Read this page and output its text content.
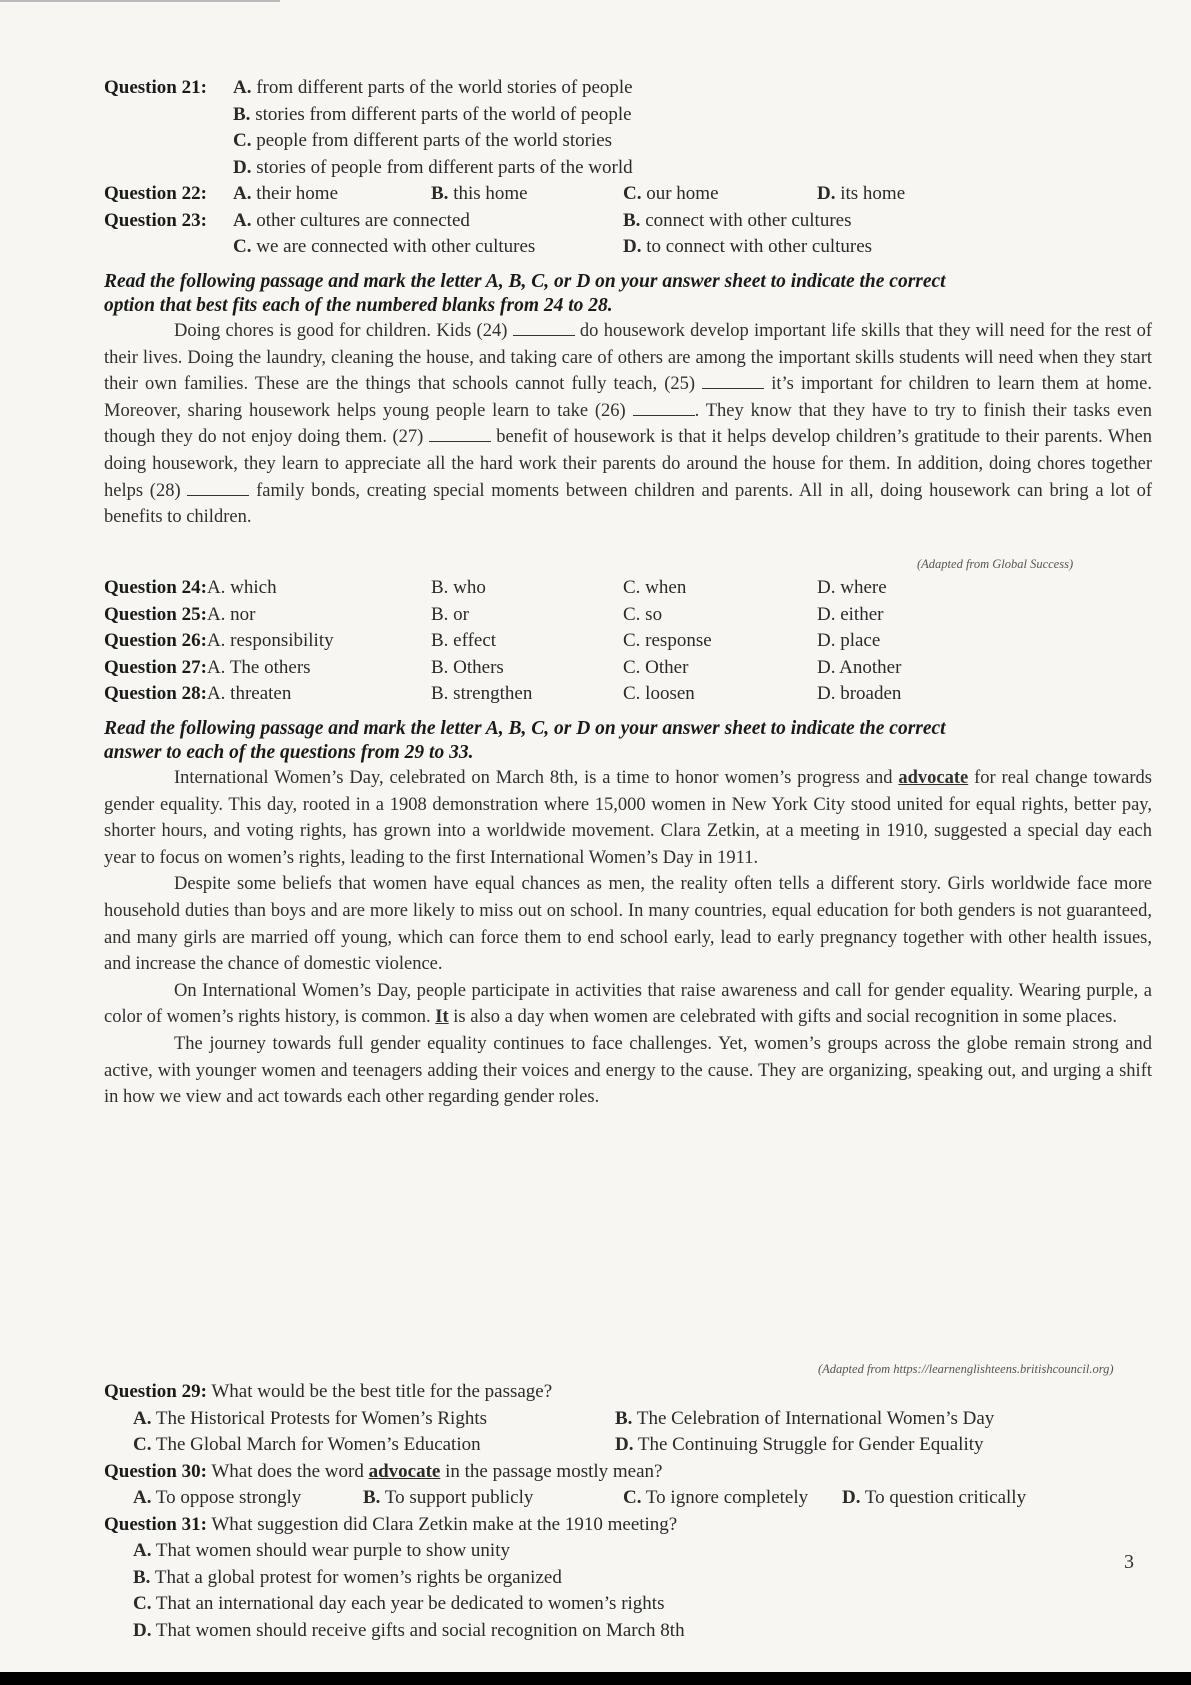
Question 21: A. from different parts of the world stories of people
B. stories from different parts of the world of people
C. people from different parts of the world stories
D. stories of people from different parts of the world
Question 22: A. their home	B. this home	C. our home	D. its home
Question 23: A. other cultures are connected	B. connect with other cultures
C. we are connected with other cultures	D. to connect with other cultures
Read the following passage and mark the letter A, B, C, or D on your answer sheet to indicate the correct
option that best fits each of the numbered blanks from 24 to 28.
Doing chores is good for children. Kids (24)	do housework develop important life skills that they will need for the rest of their lives. Doing the laundry, cleaning the house, and taking care of others are among the important skills students will need when they start their own families. These are the things that schools cannot fully teach, (25)	it’s important for children to learn them at home. Moreover, sharing housework helps young people learn to take (26)	. They know that they have to try to finish their tasks even though they do not enjoy doing them. (27)	benefit of housework is that it helps develop children’s gratitude to their parents. When doing housework, they learn to appreciate all the hard work their parents do around the house for them. In addition, doing chores together helps (28)	family bonds, creating special moments between children and parents. All in all, doing housework can bring a lot of benefits to children.
(Adapted from Global Success)
Question 24:A. which	B. who	C. when	D. where
Question 25:A. nor	B. or	C. so	D. either
Question 26:A. responsibility	B. effect	C. response	D. place
Question 27:A. The others	B. Others	C. Other	D. Another
Question 28:A. threaten	B. strengthen	C. loosen	D. broaden
Read the following passage and mark the letter A, B, C, or D on your answer sheet to indicate the correct
answer to each of the questions from 29 to 33.
International Women’s Day, celebrated on March 8th, is a time to honor women’s progress and advocate for real change towards gender equality. This day, rooted in a 1908 demonstration where 15,000 women in New York City stood united for equal rights, better pay, shorter hours, and voting rights, has grown into a worldwide movement. Clara Zetkin, at a meeting in 1910, suggested a special day each year to focus on women’s rights, leading to the first International Women’s Day in 1911.
Despite some beliefs that women have equal chances as men, the reality often tells a different story. Girls worldwide face more household duties than boys and are more likely to miss out on school. In many countries, equal education for both genders is not guaranteed, and many girls are married off young, which can force them to end school early, lead to early pregnancy together with other health issues, and increase the chance of domestic violence.
On International Women’s Day, people participate in activities that raise awareness and call for gender equality. Wearing purple, a color of women’s rights history, is common. It is also a day when women are celebrated with gifts and social recognition in some places.
The journey towards full gender equality continues to face challenges. Yet, women’s groups across the globe remain strong and active, with younger women and teenagers adding their voices and energy to the cause. They are organizing, speaking out, and urging a shift in how we view and act towards each other regarding gender roles.
(Adapted from https://learnenglishteens.britishcouncil.org)
Question 29: What would be the best title for the passage?
A. The Historical Protests for Women’s Rights	B. The Celebration of International Women’s Day
C. The Global March for Women’s Education	D. The Continuing Struggle for Gender Equality
Question 30: What does the word advocate in the passage mostly mean?
A. To oppose strongly	B. To support publicly	C. To ignore completely D. To question critically
Question 31: What suggestion did Clara Zetkin make at the 1910 meeting?
A. That women should wear purple to show unity
B. That a global protest for women’s rights be organized
C. That an international day each year be dedicated to women’s rights
D. That women should receive gifts and social recognition on March 8th
3
